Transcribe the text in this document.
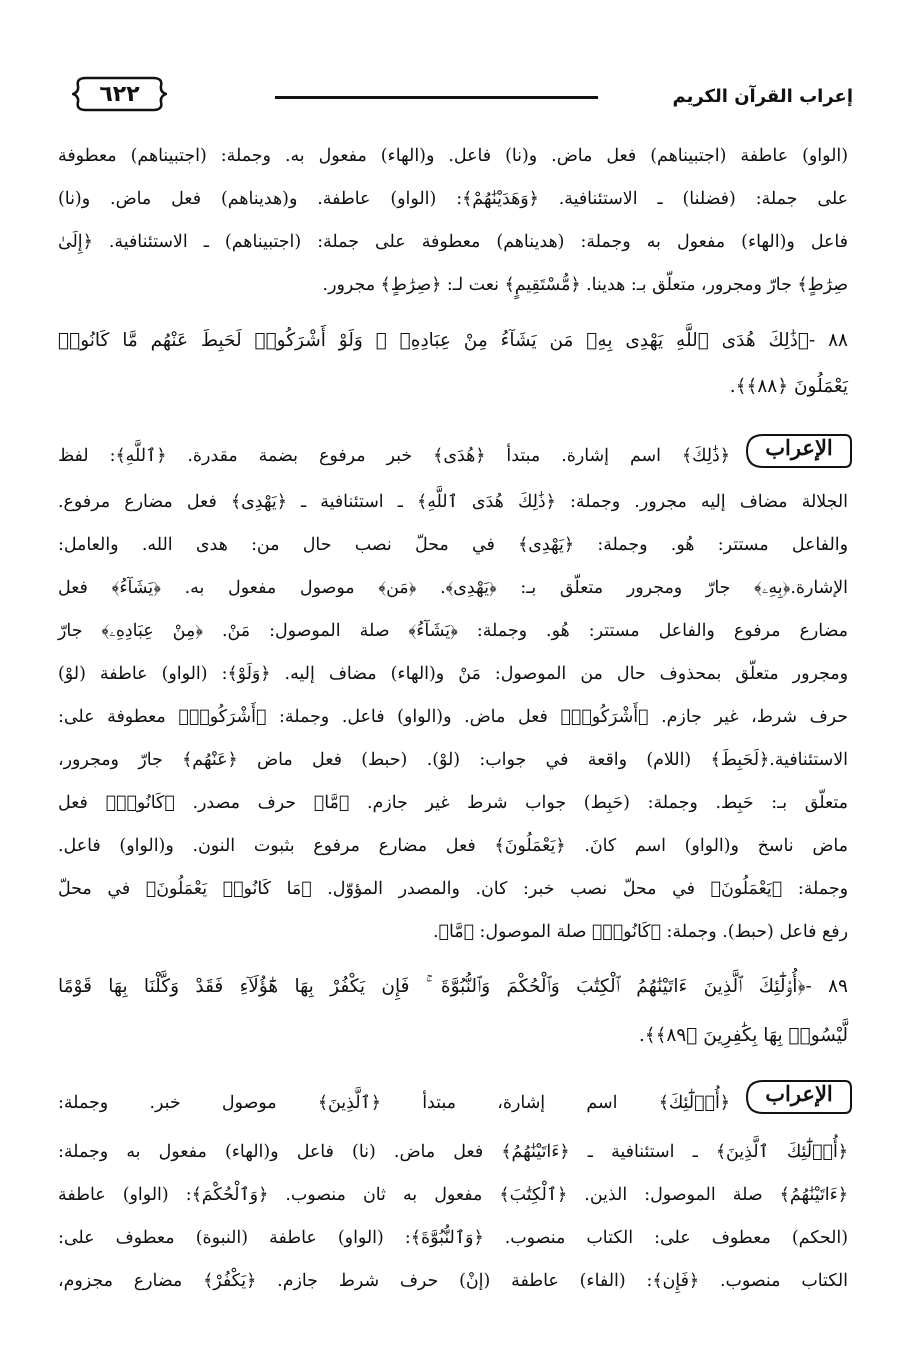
إعراب القرآن الكريم
٦٢٢
(الواو) عاطفة (اجتبيناهم) فعل ماض. و(نا) فاعل. و(الهاء) مفعول به. وجملة: (اجتبيناهم) معطوفة
على جملة: (فضلنا) ـ الاستئنافية. ﴿وَهَدَيْنَٰهُمْ﴾: (الواو) عاطفة. و(هديناهم) فعل ماض. و(نا)
فاعل و(الهاء) مفعول به وجملة: (هديناهم) معطوفة على جملة: (اجتبيناهم) ـ الاستئنافية. ﴿إِلَىٰ
صِرَٰطٍ﴾ جارّ ومجرور، متعلّق بـ: هدينا. ﴿مُّسْتَقِيمٍ﴾ نعت لـ: ﴿صِرَٰطٍ﴾ مجرور.
٨٨ -﴿ذَٰلِكَ هُدَى ٱللَّهِ يَهْدِى بِهِۦ مَن يَشَآءُ مِنْ عِبَادِهِۦ ۚ وَلَوْ أَشْرَكُوا۟ لَحَبِطَ عَنْهُم مَّا كَانُوا۟
يَعْمَلُونَ ﴿٨٨﴾﴾.
الإعراب
﴿ذَٰلِكَ﴾ اسم إشارة. مبتدأ ﴿هُدَى﴾ خبر مرفوع بضمة مقدرة. ﴿ٱللَّهِ﴾: لفظ
الجلالة مضاف إليه مجرور. وجملة: ﴿ذَٰلِكَ هُدَى ٱللَّهِ﴾ ـ استئنافية ـ ﴿يَهْدِى﴾ فعل مضارع مرفوع.
والفاعل مستتر: هُو. وجملة: ﴿يَهْدِى﴾ في محلّ نصب حال من: هدى الله. والعامل:
الإشارة.﴿بِهِۦ﴾ جارّ ومجرور متعلّق بـ: ﴿يَهْدِى﴾. ﴿مَن﴾ موصول مفعول به. ﴿يَشَآءُ﴾ فعل
مضارع مرفوع والفاعل مستتر: هُو. وجملة: ﴿يَشَآءُ﴾ صلة الموصول: مَنْ. ﴿مِنْ عِبَادِهِۦ﴾ جارّ
ومجرور متعلّق بمحذوف حال من الموصول: مَنْ و(الهاء) مضاف إليه. ﴿وَلَوْ﴾: (الواو) عاطفة (لوْ)
حرف شرط، غير جازم. ﴿أَشْرَكُوا۟﴾ فعل ماض. و(الواو) فاعل. وجملة: ﴿أَشْرَكُوا۟﴾ معطوفة على:
الاستئنافية.﴿لَحَبِطَ﴾ (اللام) واقعة في جواب: (لوْ). (حبط) فعل ماض ﴿عَنْهُم﴾ جارّ ومجرور،
متعلّق بـ: حَبِط. وجملة: (حَبِط) جواب شرط غير جازم. ﴿مَّا﴾ حرف مصدر. ﴿كَانُوا۟﴾ فعل
ماض ناسخ و(الواو) اسم كانَ. ﴿يَعْمَلُونَ﴾ فعل مضارع مرفوع بثبوت النون. و(الواو) فاعل.
وجملة: ﴿يَعْمَلُونَ﴾ في محلّ نصب خبر: كان. والمصدر المؤوّل. ﴿مَا كَانُوا۟ يَعْمَلُونَ﴾ في محلّ
رفع فاعل (حبط). وجملة: ﴿كَانُوا۟﴾ صلة الموصول: ﴿مَّا﴾.
٨٩ -﴿أُو۟لَٰٓئِكَ ٱلَّذِينَ ءَاتَيْنَٰهُمُ ٱلْكِتَٰبَ وَٱلْحُكْمَ وَٱلنُّبُوَّةَ ۚ فَإِن يَكْفُرْ بِهَا هَٰٓؤُلَآءِ فَقَدْ وَكَّلْنَا بِهَا قَوْمًا
لَّيْسُوا۟ بِهَا بِكَٰفِرِينَ ﴿٨٩﴾﴾.
الإعراب
﴿أُو۟لَٰٓئِكَ﴾ اسم إشارة، مبتدأ ﴿ٱلَّذِينَ﴾ موصول خبر. وجملة:
﴿أُو۟لَٰٓئِكَ ٱلَّذِينَ﴾ ـ استئنافية ـ ﴿ءَاتَيْنَٰهُمُ﴾ فعل ماض. (نا) فاعل و(الهاء) مفعول به وجملة:
﴿ءَاتَيْنَٰهُمُ﴾ صلة الموصول: الذين. ﴿ٱلْكِتَٰبَ﴾ مفعول به ثان منصوب. ﴿وَٱلْحُكْمَ﴾: (الواو) عاطفة
(الحكم) معطوف على: الكتاب منصوب. ﴿وَٱلنُّبُوَّةَ﴾: (الواو) عاطفة (النبوة) معطوف على:
الكتاب منصوب. ﴿فَإِن﴾: (الفاء) عاطفة (إنْ) حرف شرط جازم. ﴿يَكْفُرْ﴾ مضارع مجزوم،
